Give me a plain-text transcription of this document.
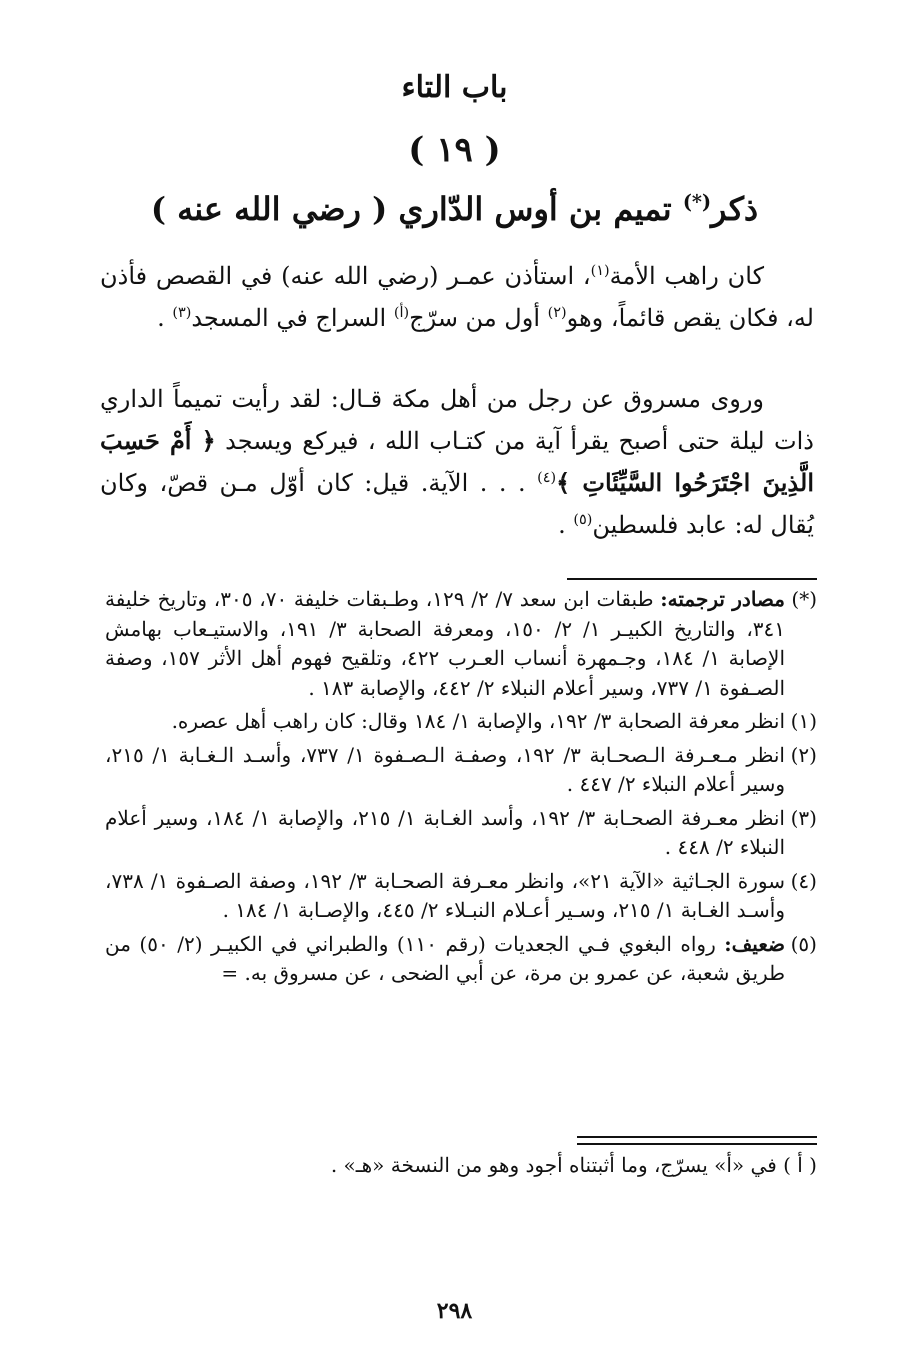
باب التاء
( ١٩ )
ذكر(*) تميم بن أوس الدّاري ( رضي الله عنه )
كان راهب الأمة$^{(١)}$، استأذن عمـر (رضي الله عنه) في القصص فأذن له، فكان يقص قائماً، وهو$^{(٢)}$ أول من سرّج$^{(أ)}$ السراج في المسجد$^{(٣)}$ .
وروى مسروق عن رجل من أهل مكة قـال: لقد رأيت تميماً الداري ذات ليلة حتى أصبح يقرأ آية من كتـاب الله ، فيركع ويسجد ﴿ أَمْ حَسِبَ الَّذِينَ اجْتَرَحُوا السَّيِّئَاتِ ﴾$^{(٤)}$ . . . الآية. قيل: كان أوّل مـن قصّ، وكان يُقال له: عابد فلسطين$^{(٥)}$ .

(*)مصادر ترجمته: طبقات ابن سعد ٧/ ٢/ ١٢٩، وطـبقات خليفة ٧٠، ٣٠٥، وتاريخ خليفة ٣٤١، والتاريخ الكبيـر ١/ ٢/ ١٥٠، ومعرفة الصحابة ٣/ ١٩١، والاستيـعاب بهامش الإصابة ١/ ١٨٤، وجـمهرة أنساب العـرب ٤٢٢، وتلقيح فهوم أهل الأثر ١٥٧، وصفة الصـفوة ١/ ٧٣٧، وسير أعلام النبلاء ٢/ ٤٤٢، والإصابة ١٨٣ .

(١)انظر معرفة الصحابة ٣/ ١٩٢، والإصابة ١/ ١٨٤ وقال: كان راهب أهل عصره.

(٢)انظر مـعـرفة الـصحـابة ٣/ ١٩٢، وصفـة الـصـفوة ١/ ٧٣٧، وأسـد الـغـابة ١/ ٢١٥، وسير أعلام النبلاء ٢/ ٤٤٧ .

(٣)انظر معـرفة الصحـابة ٣/ ١٩٢، وأسد الغـابة ١/ ٢١٥، والإصابة ١/ ١٨٤، وسير أعلام النبلاء ٢/ ٤٤٨ .

(٤)سورة الجـاثية «الآية ٢١»، وانظر معـرفة الصحـابة ٣/ ١٩٢، وصفة الصـفوة ١/ ٧٣٨، وأسـد الغـابة ١/ ٢١٥، وسـير أعـلام النبـلاء ٢/ ٤٤٥، والإصـابة ١/ ١٨٤ .

(٥)ضعيف: رواه البغوي فـي الجعديات (رقم ١١٠) والطبراني في الكبيـر (٢/ ٥٠) من طريق شعبة، عن عمرو بن مرة، عن أبي الضحى ، عن مسروق به. =

( أ ) في «أ» يسرّج، وما أثبتناه أجود وهو من النسخة «هـ» .
٢٩٨
